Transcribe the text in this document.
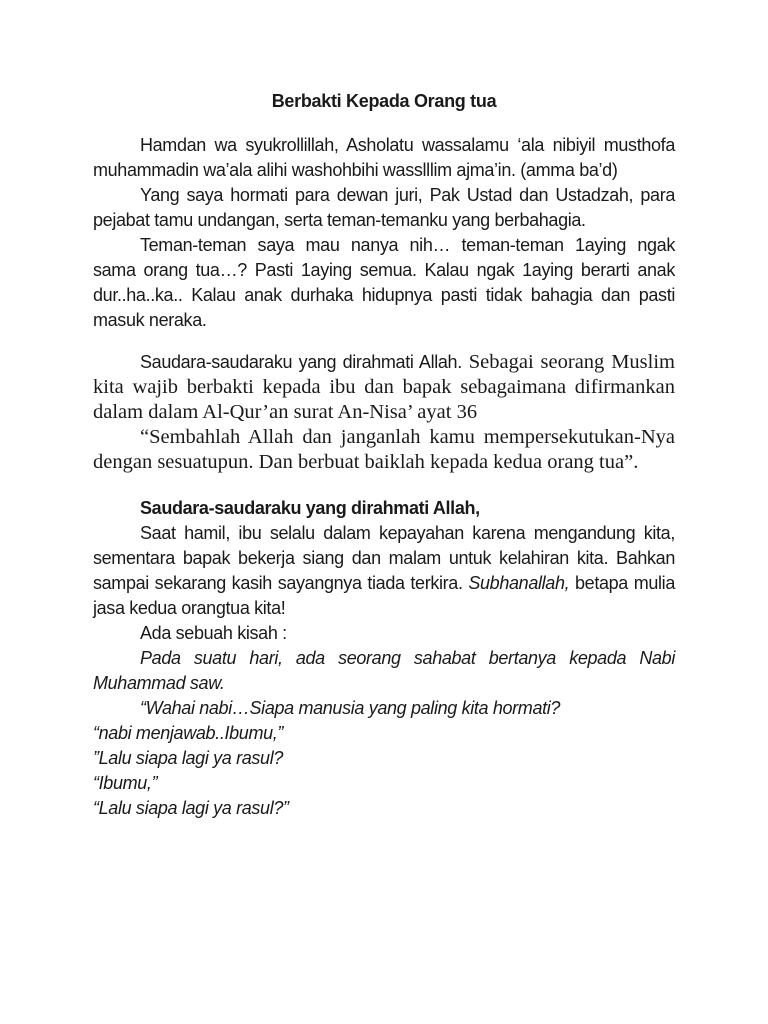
Berbakti Kepada Orang tua

Hamdan wa syukrollillah, Asholatu wassalamu ‘ala nibiyil musthofa muhammadin wa’ala alihi washohbihi wasslllim ajma’in. (amma ba’d)

Yang saya hormati para dewan juri, Pak Ustad dan Ustadzah, para pejabat tamu undangan, serta teman-temanku yang berbahagia.

Teman-teman saya mau nanya nih… teman-teman 1aying ngak sama orang tua…? Pasti 1aying semua. Kalau ngak 1aying berarti anak dur..ha..ka.. Kalau anak durhaka hidupnya pasti tidak bahagia dan pasti masuk neraka.

Saudara-saudaraku yang dirahmati Allah. Sebagai seorang Muslim kita wajib berbakti kepada ibu dan bapak sebagaimana difirmankan dalam dalam Al-Qur’an surat An-Nisa’ ayat 36

“Sembahlah Allah dan janganlah kamu mempersekutukan-Nya dengan sesuatupun. Dan berbuat baiklah kepada kedua orang tua”.

Saudara-saudaraku yang dirahmati Allah,

Saat hamil, ibu selalu dalam kepayahan karena mengandung kita, sementara bapak bekerja siang dan malam untuk kelahiran kita. Bahkan sampai sekarang kasih sayangnya tiada terkira. Subhanallah, betapa mulia jasa kedua orangtua kita!

Ada sebuah kisah :

Pada suatu hari, ada seorang sahabat bertanya kepada Nabi Muhammad saw.

“Wahai nabi…Siapa manusia yang paling kita hormati?

“nabi menjawab..Ibumu,”

”Lalu siapa lagi ya rasul?

“Ibumu,”

“Lalu siapa lagi ya rasul?”
